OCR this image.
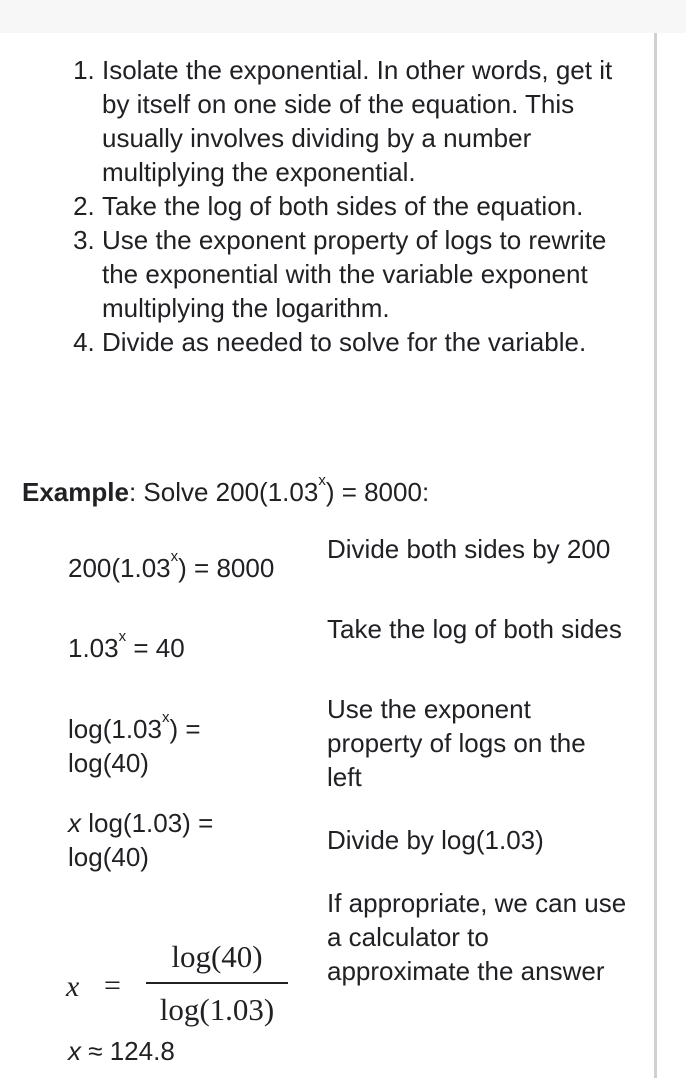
1. Isolate the exponential. In other words, get it by itself on one side of the equation. This usually involves dividing by a number multiplying the exponential.
2. Take the log of both sides of the equation.
3. Use the exponent property of logs to rewrite the exponential with the variable exponent multiplying the logarithm.
4. Divide as needed to solve for the variable.
Example: Solve $200(1.03^x) = 8000$:
$200(1.03^x) = 8000$
Divide both sides by 200
$1.03^x = 40$
Take the log of both sides
$\log(1.03^x) = \log(40)$
Use the exponent property of logs on the left
x log(1.03) = log(40)
Divide by log(1.03)
x =
log(40)
log(1.03)
If appropriate, we can use a calculator to approximate the answer
x ≈ 124.8
